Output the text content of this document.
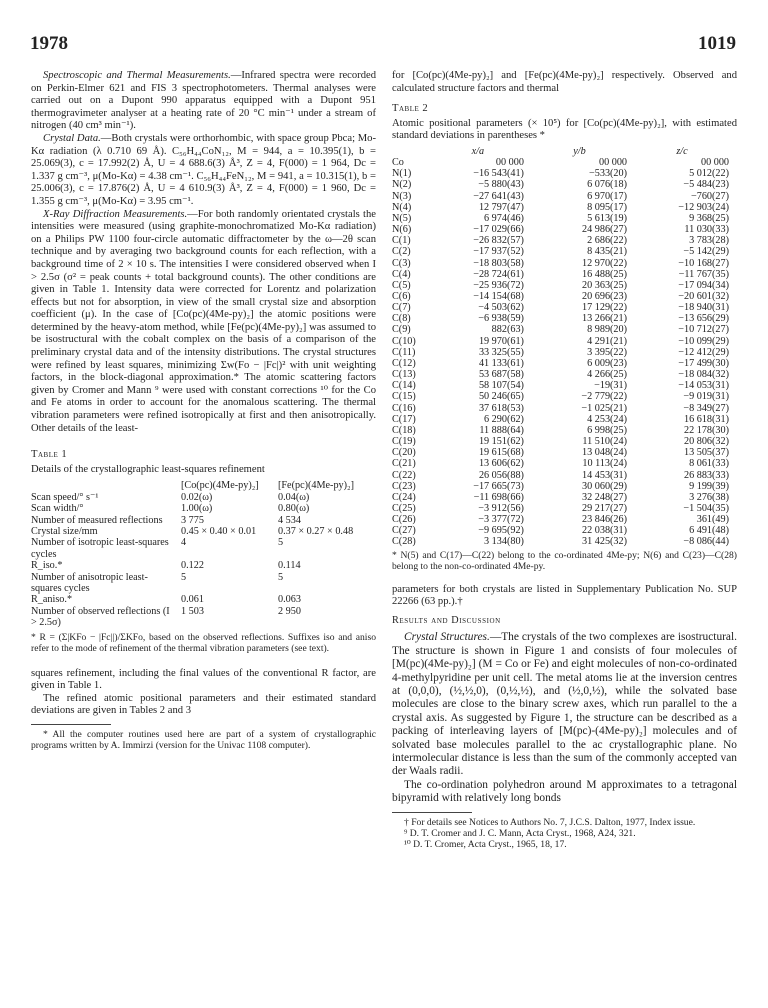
1978	1019

Spectroscopic and Thermal Measurements.—Infrared spectra were recorded on Perkin-Elmer 621 and FIS 3 spectrophotometers. Thermal analyses were carried out on a Dupont 990 apparatus equipped with a Dupont 951 thermogravimeter analyser at a heating rate of 20 °C min⁻¹ under a stream of nitrogen (40 cm³ min⁻¹).

Crystal Data.—Both crystals were orthorhombic, with space group Pbca; Mo-Kα radiation (λ 0.710 69 Å). C₅₆H₄₄CoN₁₂, M = 944, a = 10.395(1), b = 25.069(3), c = 17.992(2) Å, U = 4 688.6(3) Å³, Z = 4, F(000) = 1 964, Dc = 1.337 g cm⁻³, μ(Mo-Kα) = 4.38 cm⁻¹. C₅₆H₄₄FeN₁₂, M = 941, a = 10.315(1), b = 25.006(3), c = 17.876(2) Å, U = 4 610.9(3) Å³, Z = 4, F(000) = 1 960, Dc = 1.355 g cm⁻³, μ(Mo-Kα) = 3.95 cm⁻¹.

X-Ray Diffraction Measurements.—For both randomly orientated crystals the intensities were measured (using graphite-monochromatized Mo-Kα radiation) on a Philips PW 1100 four-circle automatic diffractometer by the ω—2θ scan technique and by averaging two background counts for each reflection, with a background time of 2 × 10 s. The intensities I were considered observed when I > 2.5σ (σ² = peak counts + total background counts). The other conditions are given in Table 1. Intensity data were corrected for Lorentz and polarization effects but not for absorption, in view of the small crystal size and absorption coefficient (μ). In the case of [Co(pc)(4Me-py)₂] the atomic positions were determined by the heavy-atom method, while [Fe(pc)(4Me-py)₂] was assumed to be isostructural with the cobalt complex on the basis of a comparison of the preliminary crystal data and of the intensity distributions. The crystal structures were refined by least squares, minimizing Σw(Fo − |Fc|)² with unit weighting factors, in the block-diagonal approximation.* The atomic scattering factors given by Cromer and Mann ⁹ were used with constant corrections ¹⁰ for the Co and Fe atoms in order to account for the anomalous scattering. The thermal vibration parameters were refined isotropically at first and then anisotropically. Other details of the least-

Table 1

Details of the crystallographic least-squares refinement

	[Co(pc)(4Me-py)₂]	[Fe(pc)(4Me-py)₂]
Scan speed/° s⁻¹	0.02(ω)	0.04(ω)
Scan width/°	1.00(ω)	0.80(ω)
Number of measured reflections	3 775	4 534
Crystal size/mm	0.45 × 0.40 × 0.01	0.37 × 0.27 × 0.48
Number of isotropic least-squares cycles	4	5
R_iso.*	0.122	0.114
Number of anisotropic least-squares cycles	5	5
R_aniso.*	0.061	0.063
Number of observed reflections (I > 2.5σ)	1 503	2 950

* R = (Σ|KFo − |Fc||)/ΣKFo, based on the observed reflections. Suffixes iso and aniso refer to the mode of refinement of the thermal vibration parameters (see text).

squares refinement, including the final values of the conventional R factor, are given in Table 1.

The refined atomic positional parameters and their estimated standard deviations are given in Tables 2 and 3

* All the computer routines used here are part of a system of crystallographic programs written by A. Immirzi (version for the Univac 1108 computer).

for [Co(pc)(4Me-py)₂] and [Fe(pc)(4Me-py)₂] respectively. Observed and calculated structure factors and thermal

Table 2

Atomic positional parameters (× 10⁵) for [Co(pc)(4Me-py)₂], with estimated standard deviations in parentheses *

	x/a	y/b	z/c
Co	00 000	00 000	00 000
N(1)	−16 543(41)	−533(20)	5 012(22)
N(2)	−5 880(43)	6 076(18)	−5 484(23)
N(3)	−27 641(43)	6 970(17)	−760(27)
N(4)	12 797(47)	8 095(17)	−12 903(24)
N(5)	6 974(46)	5 613(19)	9 368(25)
N(6)	−17 029(66)	24 986(27)	11 030(33)
C(1)	−26 832(57)	2 686(22)	3 783(28)
C(2)	−17 937(52)	8 435(21)	−5 142(29)
C(3)	−18 803(58)	12 970(22)	−10 168(27)
C(4)	−28 724(61)	16 488(25)	−11 767(35)
C(5)	−25 936(72)	20 363(25)	−17 094(34)
C(6)	−14 154(68)	20 696(23)	−20 601(32)
C(7)	−4 503(62)	17 129(22)	−18 940(31)
C(8)	−6 938(59)	13 266(21)	−13 656(29)
C(9)	882(63)	8 989(20)	−10 712(27)
C(10)	19 970(61)	4 291(21)	−10 099(29)
C(11)	33 325(55)	3 395(22)	−12 412(29)
C(12)	41 133(61)	6 009(23)	−17 499(30)
C(13)	53 687(58)	4 266(25)	−18 084(32)
C(14)	58 107(54)	−19(31)	−14 053(31)
C(15)	50 246(65)	−2 779(22)	−9 019(31)
C(16)	37 618(53)	−1 025(21)	−8 349(27)
C(17)	6 290(62)	4 253(24)	16 618(31)
C(18)	11 888(64)	6 998(25)	22 178(30)
C(19)	19 151(62)	11 510(24)	20 806(32)
C(20)	19 615(68)	13 048(24)	13 505(37)
C(21)	13 606(62)	10 113(24)	8 061(33)
C(22)	26 056(88)	14 453(31)	26 883(33)
C(23)	−17 665(73)	30 060(29)	9 199(39)
C(24)	−11 698(66)	32 248(27)	3 276(38)
C(25)	−3 912(56)	29 217(27)	−1 504(35)
C(26)	−3 377(72)	23 846(26)	361(49)
C(27)	−9 695(92)	22 038(31)	6 491(48)
C(28)	3 134(80)	31 425(32)	−8 086(44)

* N(5) and C(17)—C(22) belong to the co-ordinated 4Me-py; N(6) and C(23)—C(28) belong to the non-co-ordinated 4Me-py.

parameters for both crystals are listed in Supplementary Publication No. SUP 22266 (63 pp.).†

Results and Discussion

Crystal Structures.—The crystals of the two complexes are isostructural. The structure is shown in Figure 1 and consists of four molecules of [M(pc)(4Me-py)₂] (M = Co or Fe) and eight molecules of non-co-ordinated 4-methylpyridine per unit cell. The metal atoms lie at the inversion centres at (0,0,0), (½,½,0), (0,½,½), and (½,0,½), while the solvated base molecules are close to the binary screw axes, which run parallel to the a crystal axis. As suggested by Figure 1, the structure can be described as a packing of interleaving layers of [M(pc)-(4Me-py)₂] molecules and of solvated base molecules parallel to the ac crystallographic plane. No intermolecular distance is less than the sum of the commonly accepted van der Waals radii.

The co-ordination polyhedron around M approximates to a tetragonal bipyramid with relatively long bonds

† For details see Notices to Authors No. 7, J.C.S. Dalton, 1977, Index issue.

⁹ D. T. Cromer and J. C. Mann, Acta Cryst., 1968, A24, 321.

¹⁰ D. T. Cromer, Acta Cryst., 1965, 18, 17.
